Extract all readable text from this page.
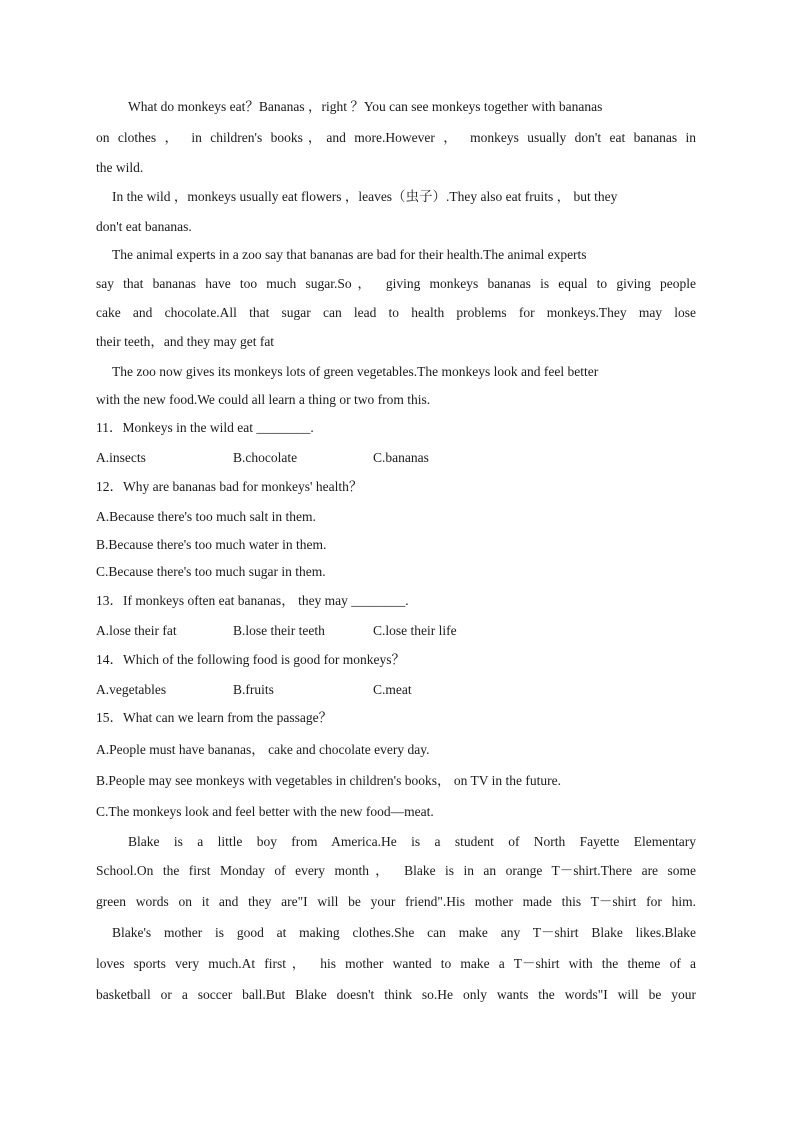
What do monkeys eat？Bananas ，right ？You can see monkeys together with bananas
on clothes ， in children's books，and more.However ， monkeys usually don't eat bananas in
the wild.
In the wild ，monkeys usually eat flowers ，leaves（虫子）.They also eat fruits ， but they
don't eat bananas.
The animal experts in a zoo say that bananas are bad for their health.The animal experts
say that bananas have too much sugar.So， giving monkeys bananas is equal to giving people
cake and chocolate.All that sugar can lead to health problems for monkeys.They may lose
their teeth，and they may get fat
The zoo now gives its monkeys lots of green vegetables.The monkeys look and feel better
with the new food.We could all learn a thing or two from this.
11．Monkeys in the wild eat ________.
A.insects	B.chocolate	C.bananas
12．Why are bananas bad for monkeys' health？
A.Because there's too much salt in them.
B.Because there's too much water in them.
C.Because there's too much sugar in them.
13．If monkeys often eat bananas， they may ________.
A.lose their fat	B.lose their teeth	C.lose their life
14．Which of the following food is good for monkeys？
A.vegetables	B.fruits	C.meat
15．What can we learn from the passage？
A.People must have bananas， cake and chocolate every day.
B.People may see monkeys with vegetables in children's books， on TV in the future.
C.The monkeys look and feel better with the new food—meat.
Blake is a little boy from America.He is a student of North Fayette Elementary
School.On the first Monday of every month， Blake is in an orange T－shirt.There are some
green words on it and they are"I will be your friend".His mother made this T－shirt for him.
Blake's mother is good at making clothes.She can make any T－shirt Blake likes.Blake
loves sports very much.At first， his mother wanted to make a T－shirt with the theme of a
basketball or a soccer ball.But Blake doesn't think so.He only wants the words"I will be your
